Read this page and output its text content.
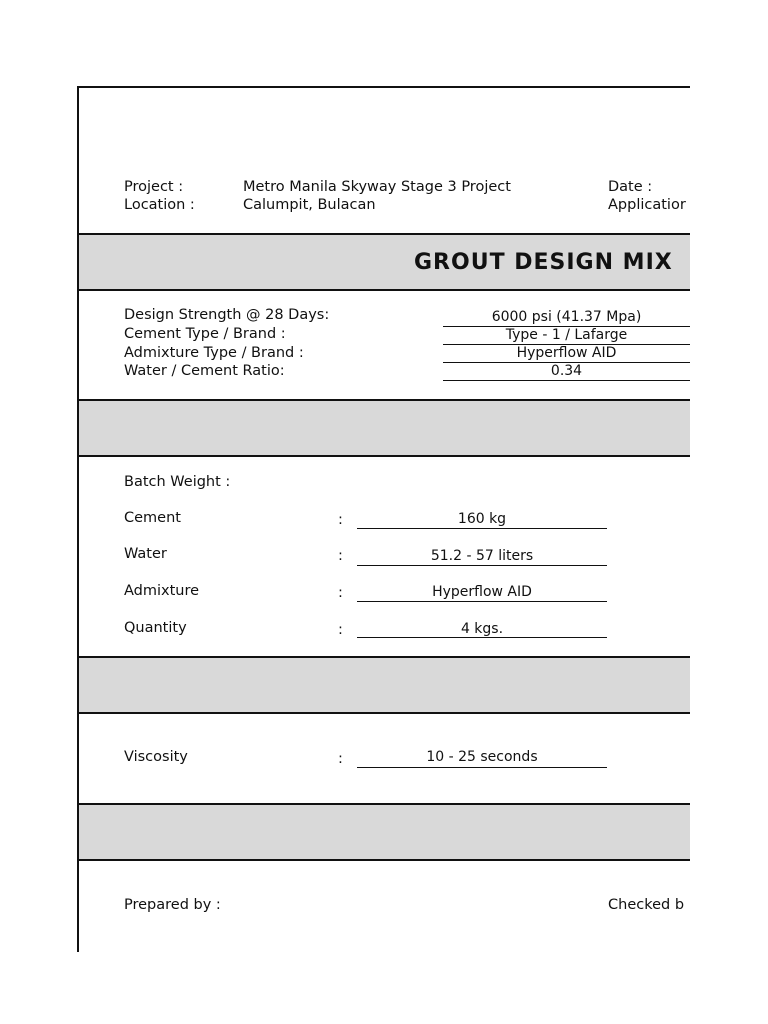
Project :	Metro Manila Skyway Stage 3 Project	Date :
Location :	Calumpit, Bulacan	Applicatior
GROUT DESIGN MIX
Design Strength @ 28 Days:	6000 psi (41.37 Mpa)
Cement Type / Brand :	Type - 1 / Lafarge
Admixture Type / Brand :	Hyperflow AID
Water / Cement Ratio:	0.34
Batch Weight :
Cement	:	160 kg
Water	:	51.2 - 57 liters
Admixture	:	Hyperflow AID
Quantity	:	4 kgs.
Viscosity	:	10 - 25 seconds
Prepared by :	Checked b
